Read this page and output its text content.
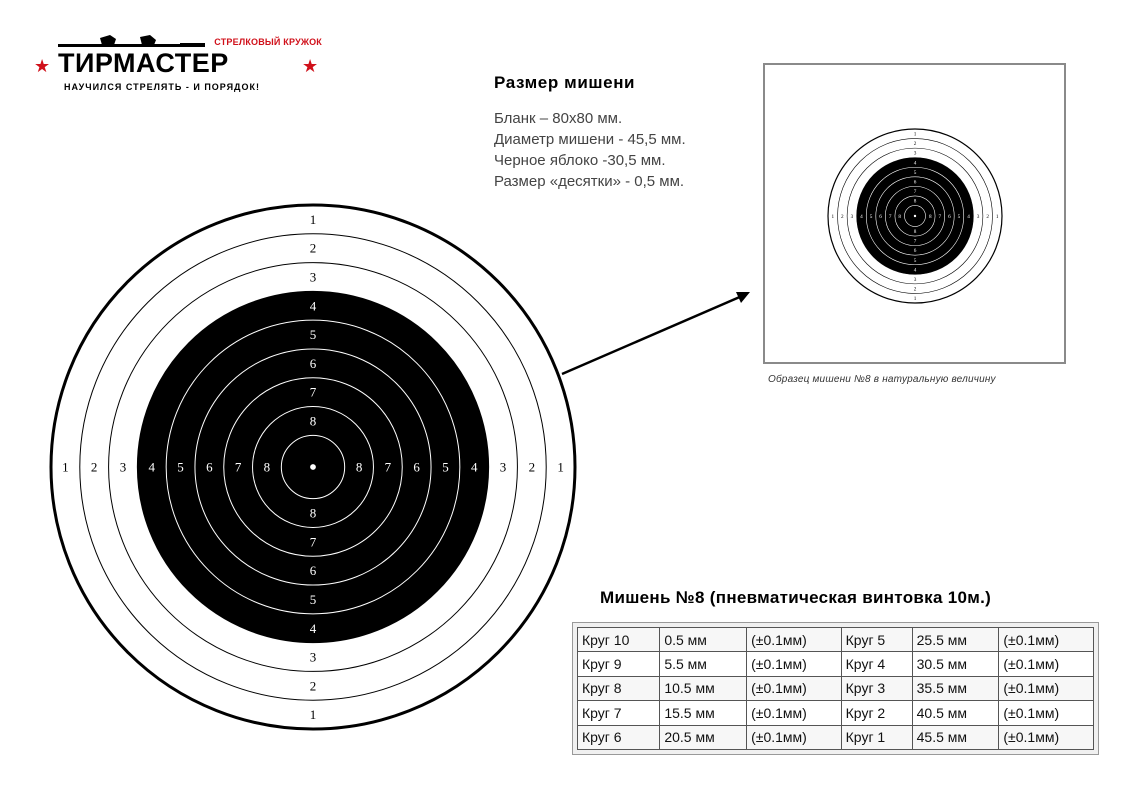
СТРЕЛКОВЫЙ КРУЖОК
★ ТИРМАСТЕР	★
НАУЧИЛСЯ СТРЕЛЯТЬ - И ПОРЯДОК!	Размер мишени
Бланк – 80х80 мм.
Диаметр мишени - 45,5 мм.
Черное яблоко -30,5 мм.
Размер «десятки» - 0,5 мм.
1
1
1	1
2
2
2	2
3
3
3	3
4
4
4	4
5
5
5	5
6
6
6	6
7
7
7	7
8
8
8	8
1
1
1	1
2
2
2	2
3
3
3	3
4
4
4	4
5
5
5	5
6
6
6	6
7
7
7	7
8
8
8	8
Образец мишени №8 в натуральную величину
Мишень №8 (пневматическая винтовка 10м.)
Круг 10	0.5 мм	(±0.1мм)	Круг 5	25.5 мм	(±0.1мм)
Круг 9	5.5 мм	(±0.1мм)	Круг 4	30.5 мм	(±0.1мм)
Круг 8	10.5 мм	(±0.1мм)	Круг 3	35.5 мм	(±0.1мм)
Круг 7	15.5 мм	(±0.1мм)	Круг 2	40.5 мм	(±0.1мм)
Круг 6	20.5 мм	(±0.1мм)	Круг 1	45.5 мм	(±0.1мм)
